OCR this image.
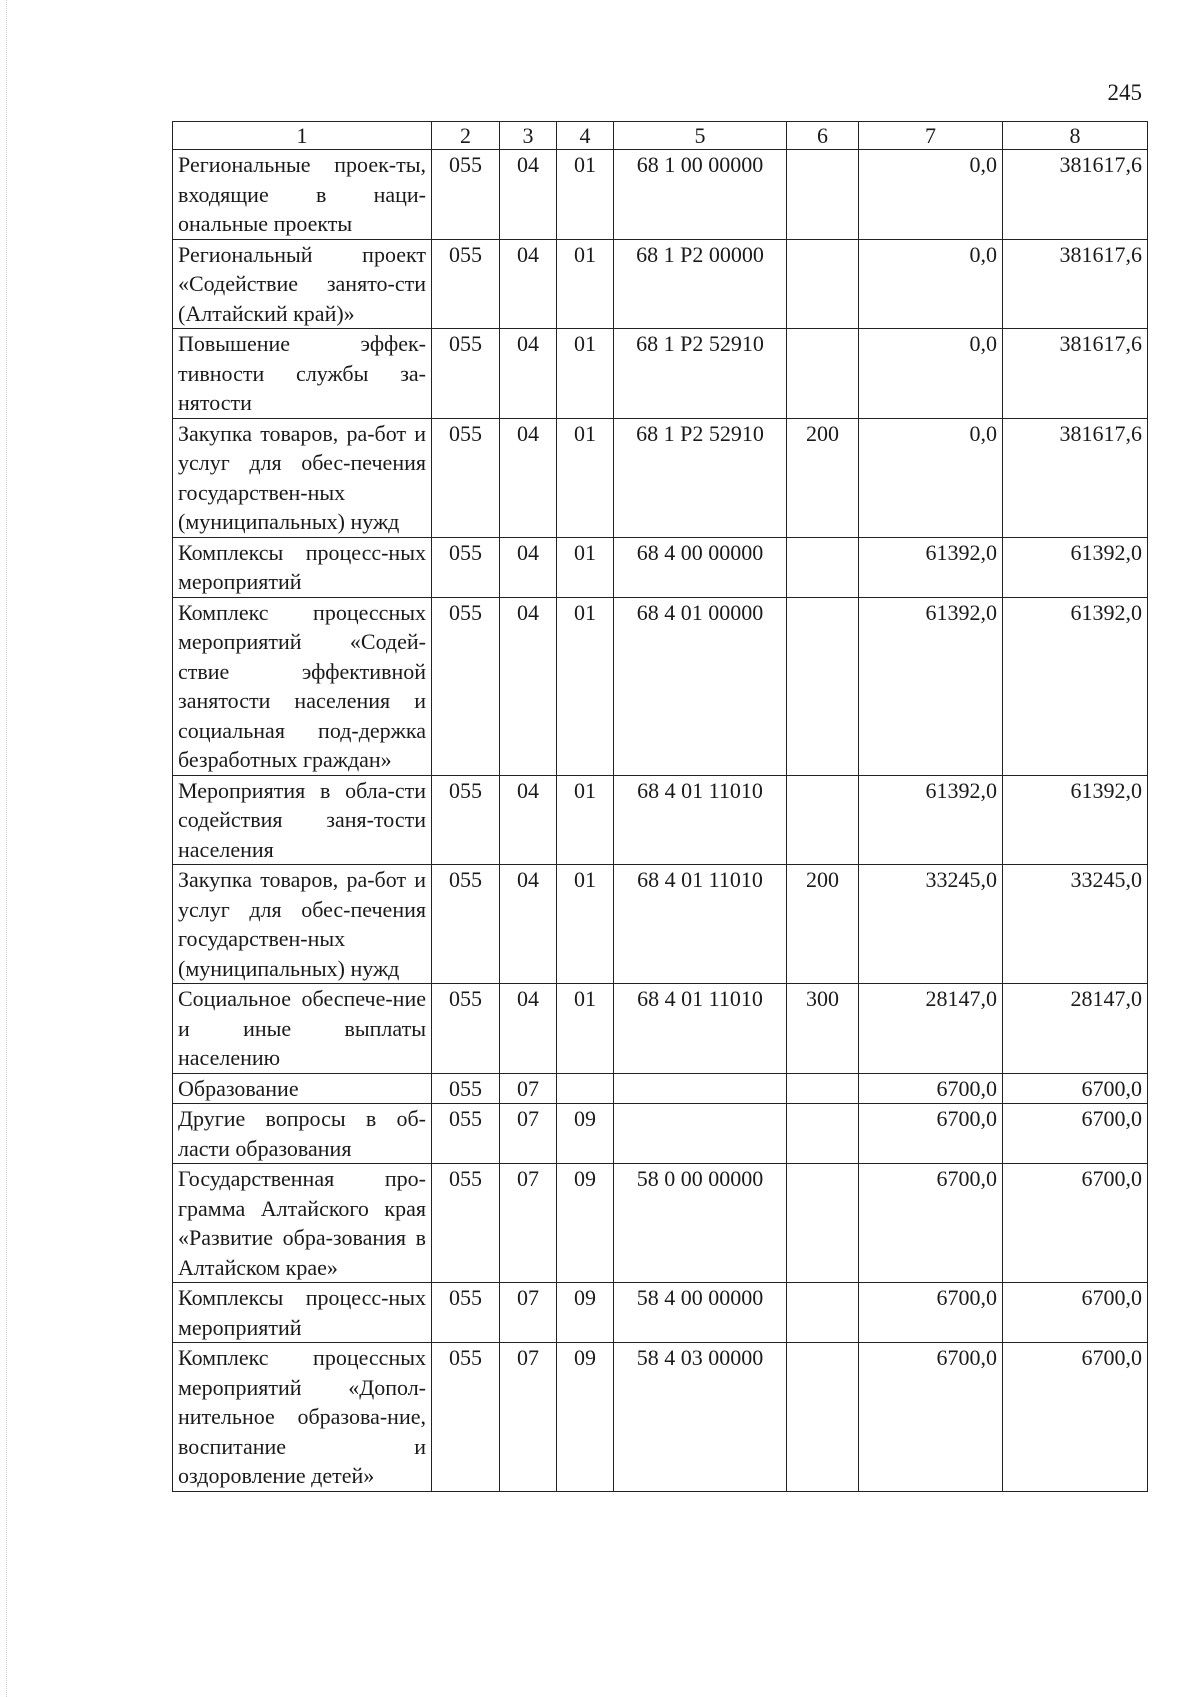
245
1	2	3	4	5	6	7	8
Региональные проек-ты, входящие в наци-ональные проекты	055	04	01	68 1 00 00000		0,0	381617,6
Региональный проект «Содействие занято-сти (Алтайский край)»	055	04	01	68 1 Р2 00000		0,0	381617,6
Повышение эффек-тивности службы за-нятости	055	04	01	68 1 Р2 52910		0,0	381617,6
Закупка товаров, ра-бот и услуг для обес-печения государствен-ных (муниципальных) нужд	055	04	01	68 1 Р2 52910	200	0,0	381617,6
Комплексы процесс-ных мероприятий	055	04	01	68 4 00 00000		61392,0	61392,0
Комплекс процессных мероприятий «Содей-ствие эффективной занятости населения и социальная под-держка безработных граждан»	055	04	01	68 4 01 00000		61392,0	61392,0
Мероприятия в обла-сти содействия заня-тости населения	055	04	01	68 4 01 11010		61392,0	61392,0
Закупка товаров, ра-бот и услуг для обес-печения государствен-ных (муниципальных) нужд	055	04	01	68 4 01 11010	200	33245,0	33245,0
Социальное обеспече-ние и иные выплаты населению	055	04	01	68 4 01 11010	300	28147,0	28147,0
Образование	055	07				6700,0	6700,0
Другие вопросы в об-ласти образования	055	07	09			6700,0	6700,0
Государственная про-грамма Алтайского края «Развитие обра-зования в Алтайском крае»	055	07	09	58 0 00 00000		6700,0	6700,0
Комплексы процесс-ных мероприятий	055	07	09	58 4 00 00000		6700,0	6700,0
Комплекс процессных мероприятий «Допол-нительное образова-ние, воспитание и оздоровление детей»	055	07	09	58 4 03 00000		6700,0	6700,0
